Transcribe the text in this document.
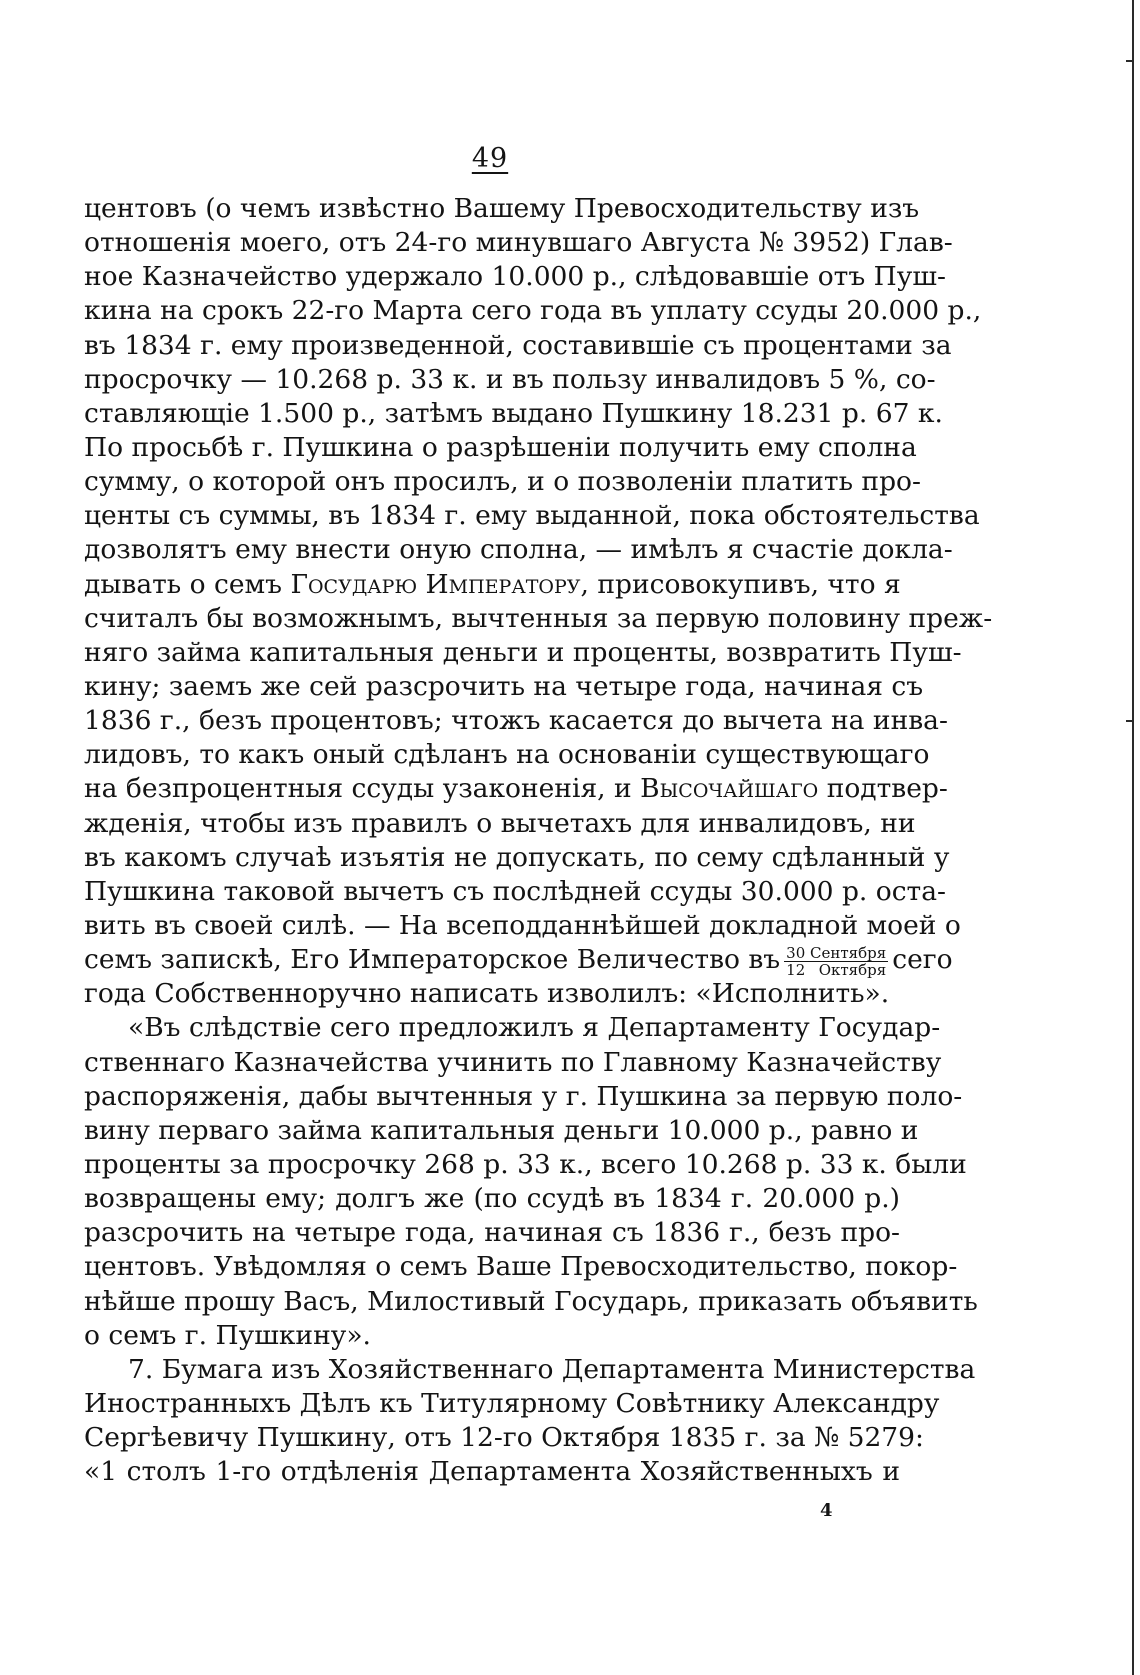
49
центовъ (о чемъ извѣстно Вашему Превосходительству изъ
отношенія моего, отъ 24-го минувшаго Августа № 3952) Глав-
ное Казначейство удержало 10.000 р., слѣдовавшіе отъ Пуш-
кина на срокъ 22-го Марта сего года въ уплату ссуды 20.000 р.,
въ 1834 г. ему произведенной, составившіе съ процентами за
просрочку — 10.268 р. 33 к. и въ пользу инвалидовъ 5 %, со-
ставляющіе 1.500 р., затѣмъ выдано Пушкину 18.231 р. 67 к.
По просьбѣ г. Пушкина о разрѣшеніи получить ему сполна
сумму, о которой онъ просилъ, и о позволеніи платить про-
центы съ суммы, въ 1834 г. ему выданной, пока обстоятельства
дозволятъ ему внести оную сполна, — имѣлъ я счастіе докла-
дывать о семъ Государю Императору, присовокупивъ, что я
считалъ бы возможнымъ, вычтенныя за первую половину преж-
няго займа капитальныя деньги и проценты, возвратить Пуш-
кину; заемъ же сей разсрочить на четыре года, начиная съ
1836 г., безъ процентовъ; чтожъ касается до вычета на инва-
лидовъ, то какъ оный сдѣланъ на основаніи существующаго
на безпроцентныя ссуды узаконенія, и Высочайшаго подтвер-
жденія, чтобы изъ правилъ о вычетахъ для инвалидовъ, ни
въ какомъ случаѣ изъятія не допускать, по сему сдѣланный у
Пушкина таковой вычетъ съ послѣдней ссуды 30.000 р. оста-
вить въ своей силѣ. — На всеподданнѣйшей докладной моей о
семъ запискѣ, Его Императорское Величество въ $\frac{\text{30 Сентября}}{\text{12 Октября}}$ сего
года Собственноручно написать изволилъ: «Исполнить».
«Въ слѣдствіе сего предложилъ я Департаменту Государ-
ственнаго Казначейства учинить по Главному Казначейству
распоряженія, дабы вычтенныя у г. Пушкина за первую поло-
вину перваго займа капитальныя деньги 10.000 р., равно и
проценты за просрочку 268 р. 33 к., всего 10.268 р. 33 к. были
возвращены ему; долгъ же (по ссудѣ въ 1834 г. 20.000 р.)
разсрочить на четыре года, начиная съ 1836 г., безъ про-
центовъ. Увѣдомляя о семъ Ваше Превосходительство, покор-
нѣйше прошу Васъ, Милостивый Государь, приказать объявить
о семъ г. Пушкину».
7. Бумага изъ Хозяйственнаго Департамента Министерства
Иностранныхъ Дѣлъ къ Титулярному Совѣтнику Александру
Сергѣевичу Пушкину, отъ 12-го Октября 1835 г. за № 5279:
«1 столъ 1-го отдѣленія Департамента Хозяйственныхъ и
4
